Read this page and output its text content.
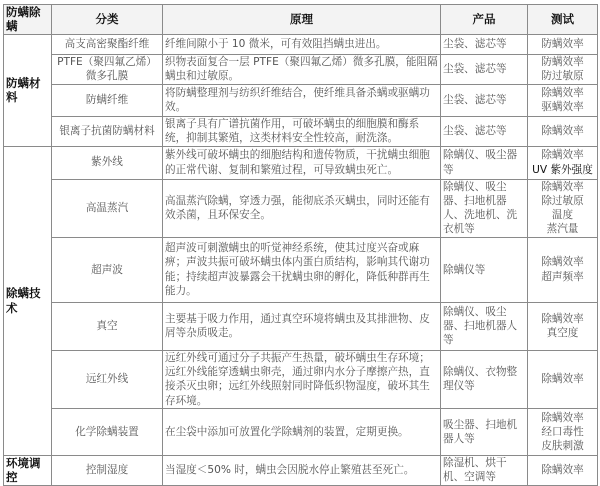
防螨除螨	分类	原理	产品	测试
防螨材料	高支高密聚酯纤维	纤维间隙小于 10 微米，可有效阻挡螨虫进出。	尘袋、滤芯等	防螨效率

	PTFE（聚四氟乙烯）微多孔膜	织物表面复合一层 PTFE（聚四氟乙烯）微多孔膜，能阻隔螨虫和过敏原。	尘袋、滤芯等	防螨效率
防过敏原

	防螨纤维	将防螨整理剂与纺织纤维结合，使纤维具备杀螨或驱螨功效。	尘袋、滤芯等	除螨效率
驱螨效率

	银离子抗菌防螨材料	银离子具有广谱抗菌作用，可破坏螨虫的细胞膜和酶系统，抑制其繁殖，这类材料安全性较高，耐洗涤。	尘袋、滤芯等	除螨效率

除螨技术	紫外线	紫外线可破坏螨虫的细胞结构和遗传物质，干扰螨虫细胞的正常代谢、复制和繁殖过程，可导致螨虫死亡。	除螨仪、吸尘器等	除螨效率
UV 紫外强度

	高温蒸汽	高温蒸汽除螨，穿透力强，能彻底杀灭螨虫，同时还能有效杀菌，且环保安全。	除螨仪、吸尘器、扫地机器人、洗地机、洗衣机等	除螨效率
除过敏原
温度
蒸汽量

	超声波	超声波可刺激螨虫的听觉神经系统，使其过度兴奋或麻痹；声波共振可破坏螨虫体内蛋白质结构，影响其代谢功能；持续超声波暴露会干扰螨虫卵的孵化，降低种群再生能力。	除螨仪等	除螨效率
超声频率

	真空	主要基于吸力作用，通过真空环境将螨虫及其排泄物、皮屑等杂质吸走。	除螨仪、吸尘器、扫地机器人等	除螨效率
真空度

	远红外线	远红外线可通过分子共振产生热量，破坏螨虫生存环境；远红外线能穿透螨虫卵壳，通过卵内水分子摩擦产热，直接杀灭虫卵；远红外线照射同时降低织物湿度，破坏其生存环境。	除螨仪、衣物整理仪等	除螨效率

	化学除螨装置	在尘袋中添加可放置化学除螨剂的装置，定期更换。	吸尘器、扫地机器人等	除螨效率
经口毒性
皮肤刺激

环境调控	控制湿度	当湿度＜50% 时，螨虫会因脱水停止繁殖甚至死亡。	除湿机、烘干机、空调等	除螨效率
